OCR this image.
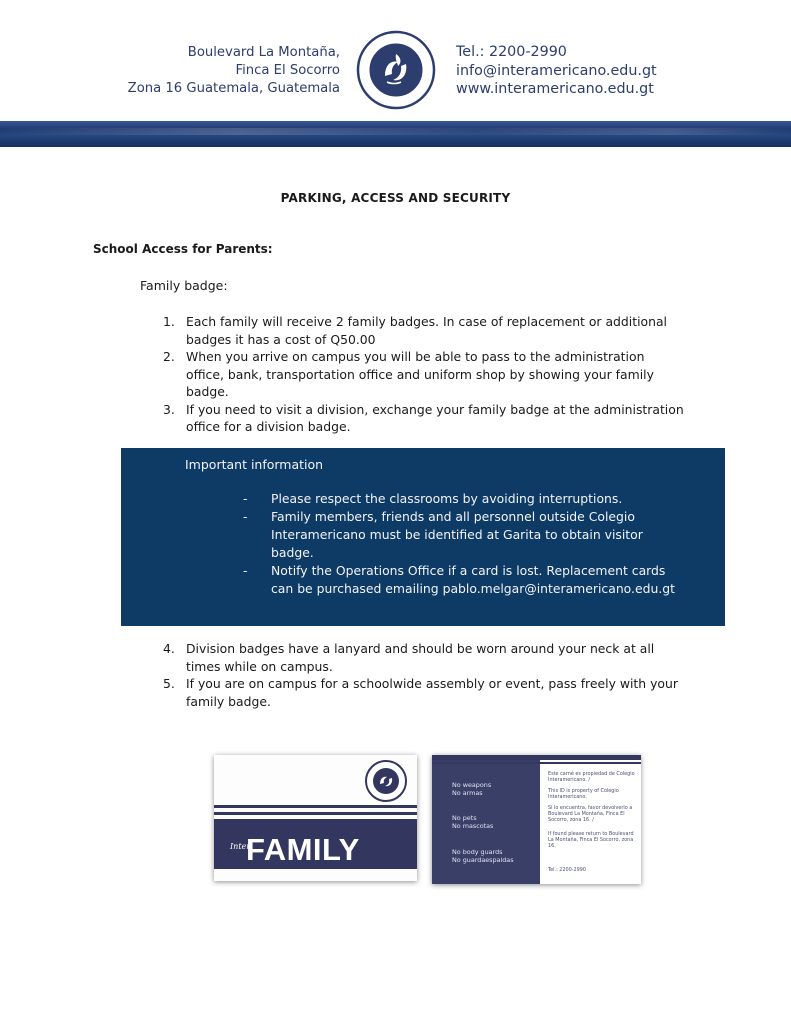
Boulevard La Montaña,
Finca El Socorro
Zona 16 Guatemala, Guatemala
Tel.: 2200-2990
info@interamericano.edu.gt
www.interamericano.edu.gt
PARKING, ACCESS AND SECURITY
School Access for Parents:
Family badge:
1. Each family will receive 2 family badges. In case of replacement or additional badges it has a cost of Q50.00
2. When you arrive on campus you will be able to pass to the administration office, bank, transportation office and uniform shop by showing your family badge.
3. If you need to visit a division, exchange your family badge at the administration office for a division badge.
Important information
- Please respect the classrooms by avoiding interruptions.
- Family members, friends and all personnel outside Colegio Interamericano must be identified at Garita to obtain visitor badge.
- Notify the Operations Office if a card is lost. Replacement cards can be purchased emailing pablo.melgar@interamericano.edu.gt
4. Division badges have a lanyard and should be worn around your neck at all times while on campus.
5. If you are on campus for a schoolwide assembly or event, pass freely with your family badge.
Inter
FAMILY
No weapons
No armas
No pets
No mascotas
No body guards
No guardaespaldas
Este carné es propiedad de Colegio Interamericano. /
This ID is property of Colegio Interamericano.
Si lo encuentra, favor devolverlo a Boulevard La Montaña, Finca El Socorro, zona 16. /
If found please return to Boulevard La Montaña, Finca El Socorro, zona 16.
Tel.: 2200-2990
